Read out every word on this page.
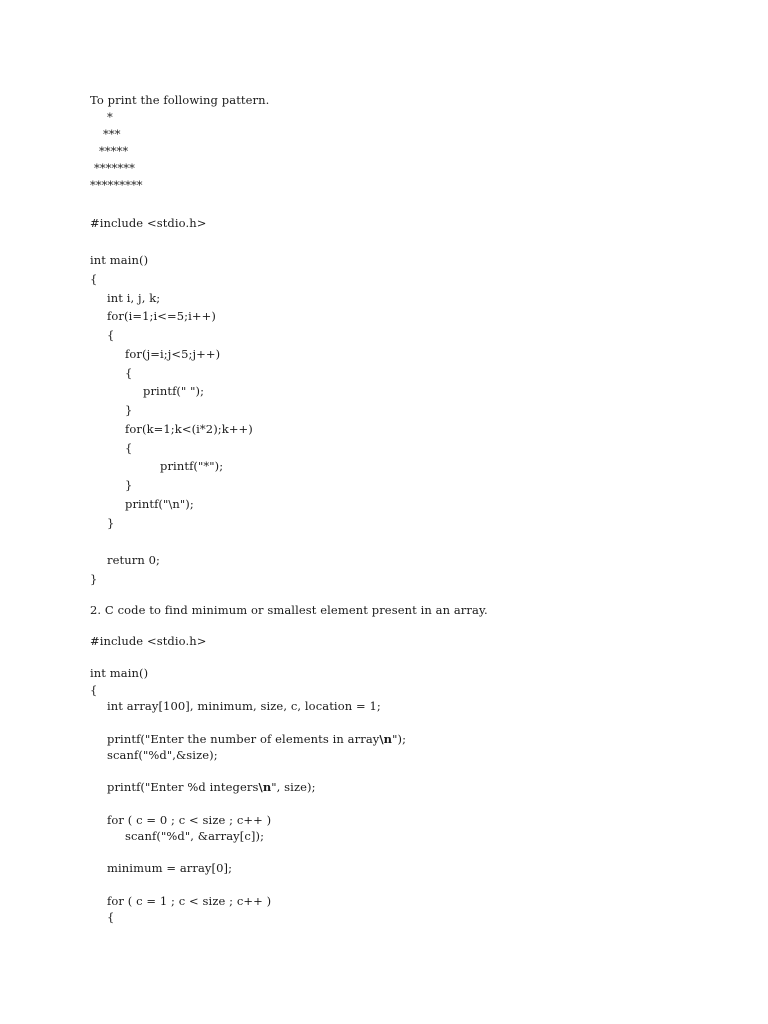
To print the following pattern.
*
***
*****
*******
*********
#include <stdio.h>
int main()
{
int i, j, k;
for(i=1;i<=5;i++)
{
for(j=i;j<5;j++)
{
printf(" ");
}
for(k=1;k<(i*2);k++)
{
printf("*");
}
printf("\n");
}
return 0;
}
2. C code to find minimum or smallest element present in an array.
#include <stdio.h>
int main()
{
int array[100], minimum, size, c, location = 1;
printf("Enter the number of elements in array\n");
scanf("%d",&size);
printf("Enter %d integers\n", size);
for ( c = 0 ; c < size ; c++ )
scanf("%d", &array[c]);
minimum = array[0];
for ( c = 1 ; c < size ; c++ )
{
